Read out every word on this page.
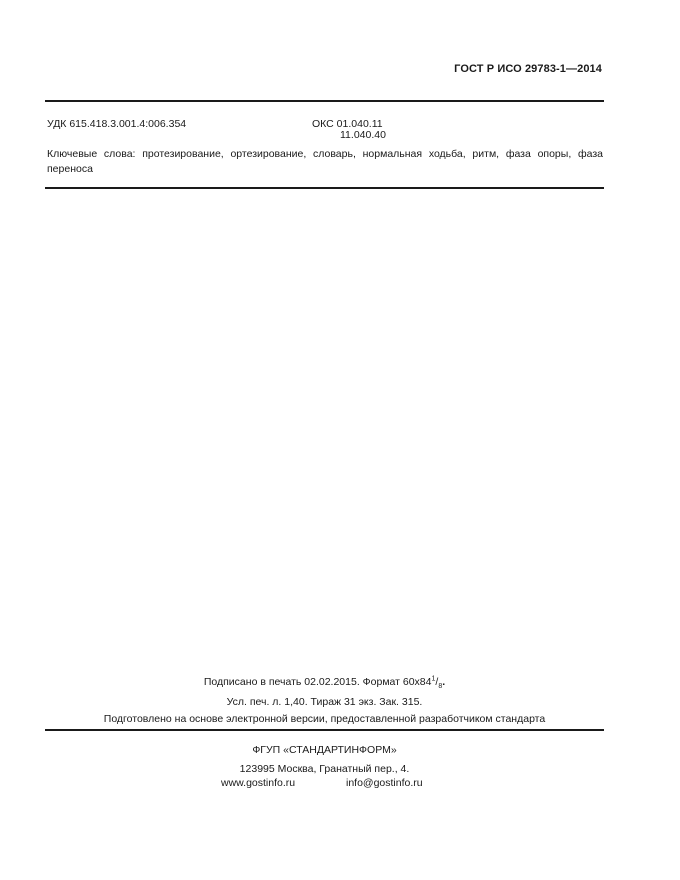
ГОСТ Р ИСО 29783-1—2014
УДК 615.418.3.001.4:006.354	ОКС 01.040.11
11.040.40
Ключевые слова: протезирование, ортезирование, словарь, нормальная ходьба, ритм, фаза опоры, фаза переноса
Подписано в печать 02.02.2015. Формат $60x84^1/_8$.
Усл. печ. л. 1,40. Тираж 31 экз. Зак. 315.
Подготовлено на основе электронной версии, предоставленной разработчиком стандарта
ФГУП «СТАНДАРТИНФОРМ»
123995 Москва, Гранатный пер., 4.
www.gostinfo.ru	info@gostinfo.ru
